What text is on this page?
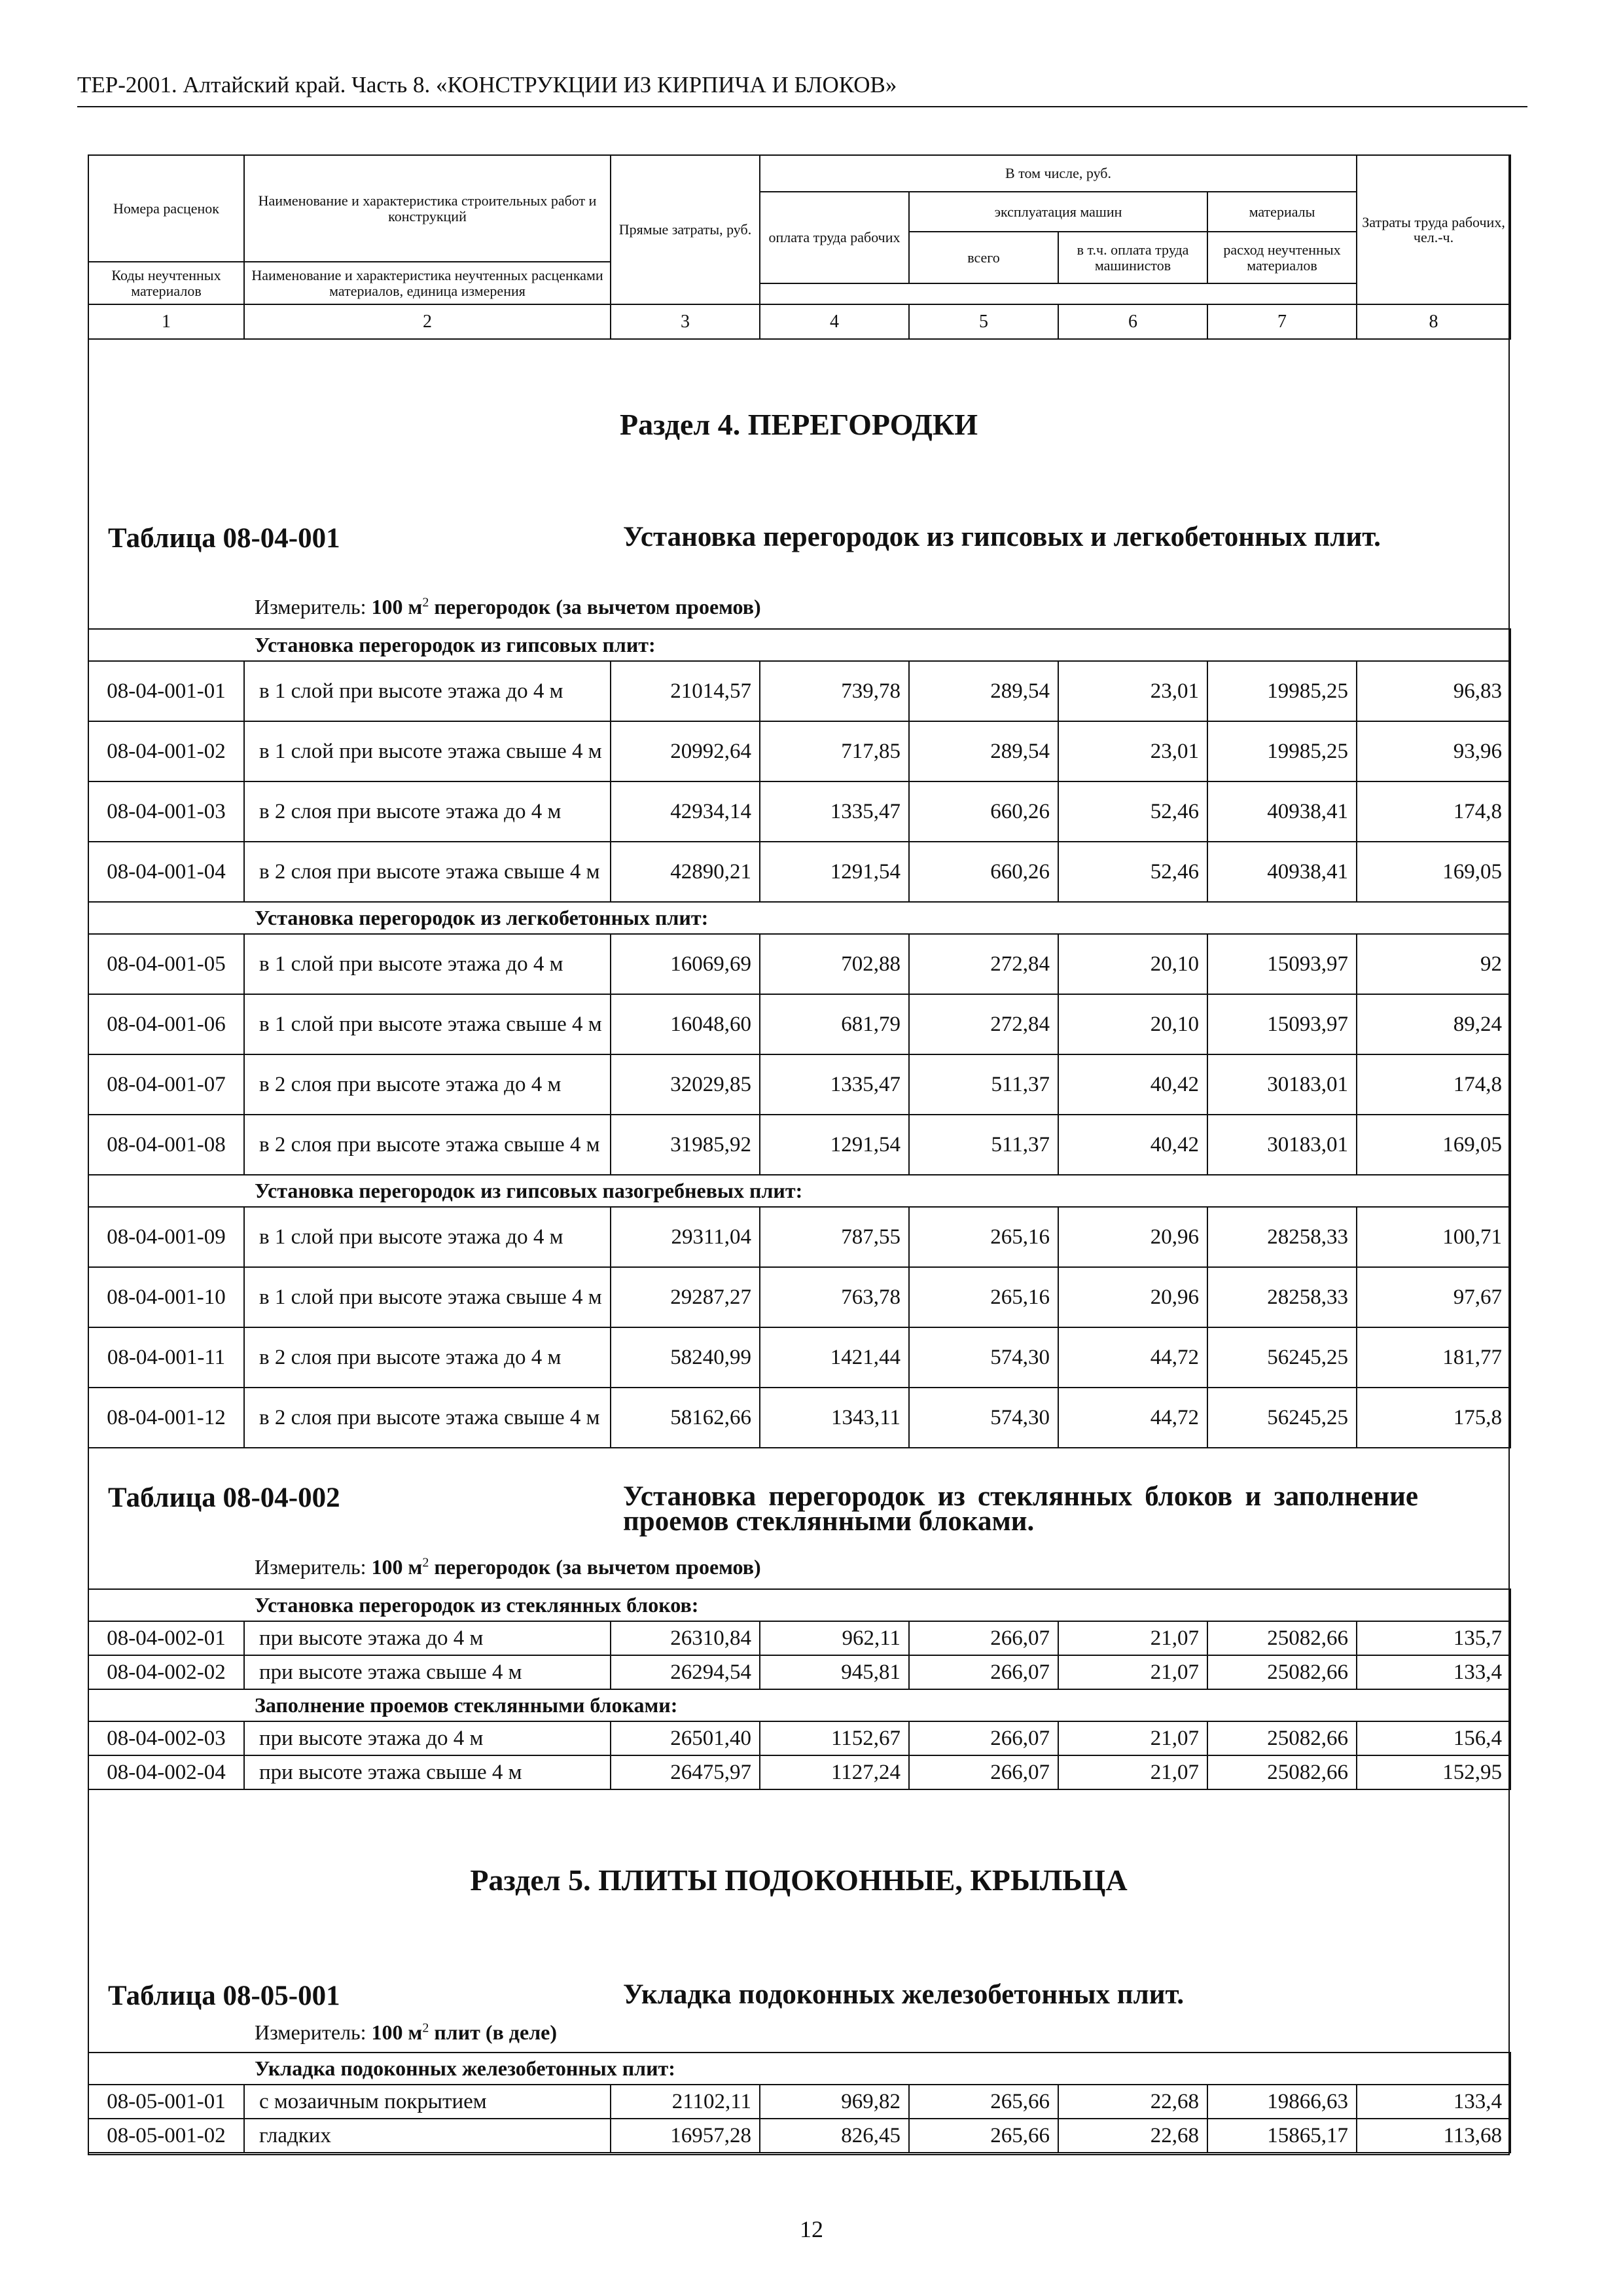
ТЕР-2001. Алтайский край. Часть 8. «КОНСТРУКЦИИ ИЗ КИРПИЧА И БЛОКОВ»
Номера расценок	Наименование и характеристика строительных работ и конструкций	Прямые затраты, руб.	В том числе, руб.				Затраты труда рабочих, чел.-ч.
			оплата труда рабочих	эксплуатация машин		материалы	
				всего	в т.ч. оплата труда машинистов	расход неучтенных материалов	
Коды неучтенных материалов	Наименование и характеристика неучтенных расценками материалов, единица измерения						

1	2	3	4	5	6	7	8
Раздел 4. ПЕРЕГОРОДКИ
Таблица 08-04-001	Установка перегородок из гипсовых и легкобетонных плит.
Измеритель: 100 $м^2$ перегородок (за вычетом проемов)
Установка перегородок из гипсовых плит:							
08-04-001-01	в 1 слой при высоте этажа до 4 м	21014,57	739,78	289,54	23,01	19985,25	96,83
08-04-001-02	в 1 слой при высоте этажа свыше 4 м	20992,64	717,85	289,54	23,01	19985,25	93,96
08-04-001-03	в 2 слоя при высоте этажа до 4 м	42934,14	1335,47	660,26	52,46	40938,41	174,8
08-04-001-04	в 2 слоя при высоте этажа свыше 4 м	42890,21	1291,54	660,26	52,46	40938,41	169,05
Установка перегородок из легкобетонных плит:							
08-04-001-05	в 1 слой при высоте этажа до 4 м	16069,69	702,88	272,84	20,10	15093,97	92
08-04-001-06	в 1 слой при высоте этажа свыше 4 м	16048,60	681,79	272,84	20,10	15093,97	89,24
08-04-001-07	в 2 слоя при высоте этажа до 4 м	32029,85	1335,47	511,37	40,42	30183,01	174,8
08-04-001-08	в 2 слоя при высоте этажа свыше 4 м	31985,92	1291,54	511,37	40,42	30183,01	169,05
Установка перегородок из гипсовых пазогребневых плит:							
08-04-001-09	в 1 слой при высоте этажа до 4 м	29311,04	787,55	265,16	20,96	28258,33	100,71
08-04-001-10	в 1 слой при высоте этажа свыше 4 м	29287,27	763,78	265,16	20,96	28258,33	97,67
08-04-001-11	в 2 слоя при высоте этажа до 4 м	58240,99	1421,44	574,30	44,72	56245,25	181,77
08-04-001-12	в 2 слоя при высоте этажа свыше 4 м	58162,66	1343,11	574,30	44,72	56245,25	175,8
Таблица 08-04-002	Установка перегородок из стеклянных блоков и заполнение проемов стеклянными блоками.
Измеритель: 100 $м^2$ перегородок (за вычетом проемов)
Установка перегородок из стеклянных блоков:							
08-04-002-01	при высоте этажа до 4 м	26310,84	962,11	266,07	21,07	25082,66	135,7
08-04-002-02	при высоте этажа свыше 4 м	26294,54	945,81	266,07	21,07	25082,66	133,4
Заполнение проемов стеклянными блоками:							
08-04-002-03	при высоте этажа до 4 м	26501,40	1152,67	266,07	21,07	25082,66	156,4
08-04-002-04	при высоте этажа свыше 4 м	26475,97	1127,24	266,07	21,07	25082,66	152,95
Раздел 5. ПЛИТЫ ПОДОКОННЫЕ, КРЫЛЬЦА
Таблица 08-05-001	Укладка подоконных железобетонных плит.
Измеритель: 100 $м^2$ плит (в деле)
Укладка подоконных железобетонных плит:							
08-05-001-01	с мозаичным покрытием	21102,11	969,82	265,66	22,68	19866,63	133,4
08-05-001-02	гладких	16957,28	826,45	265,66	22,68	15865,17	113,68
12
